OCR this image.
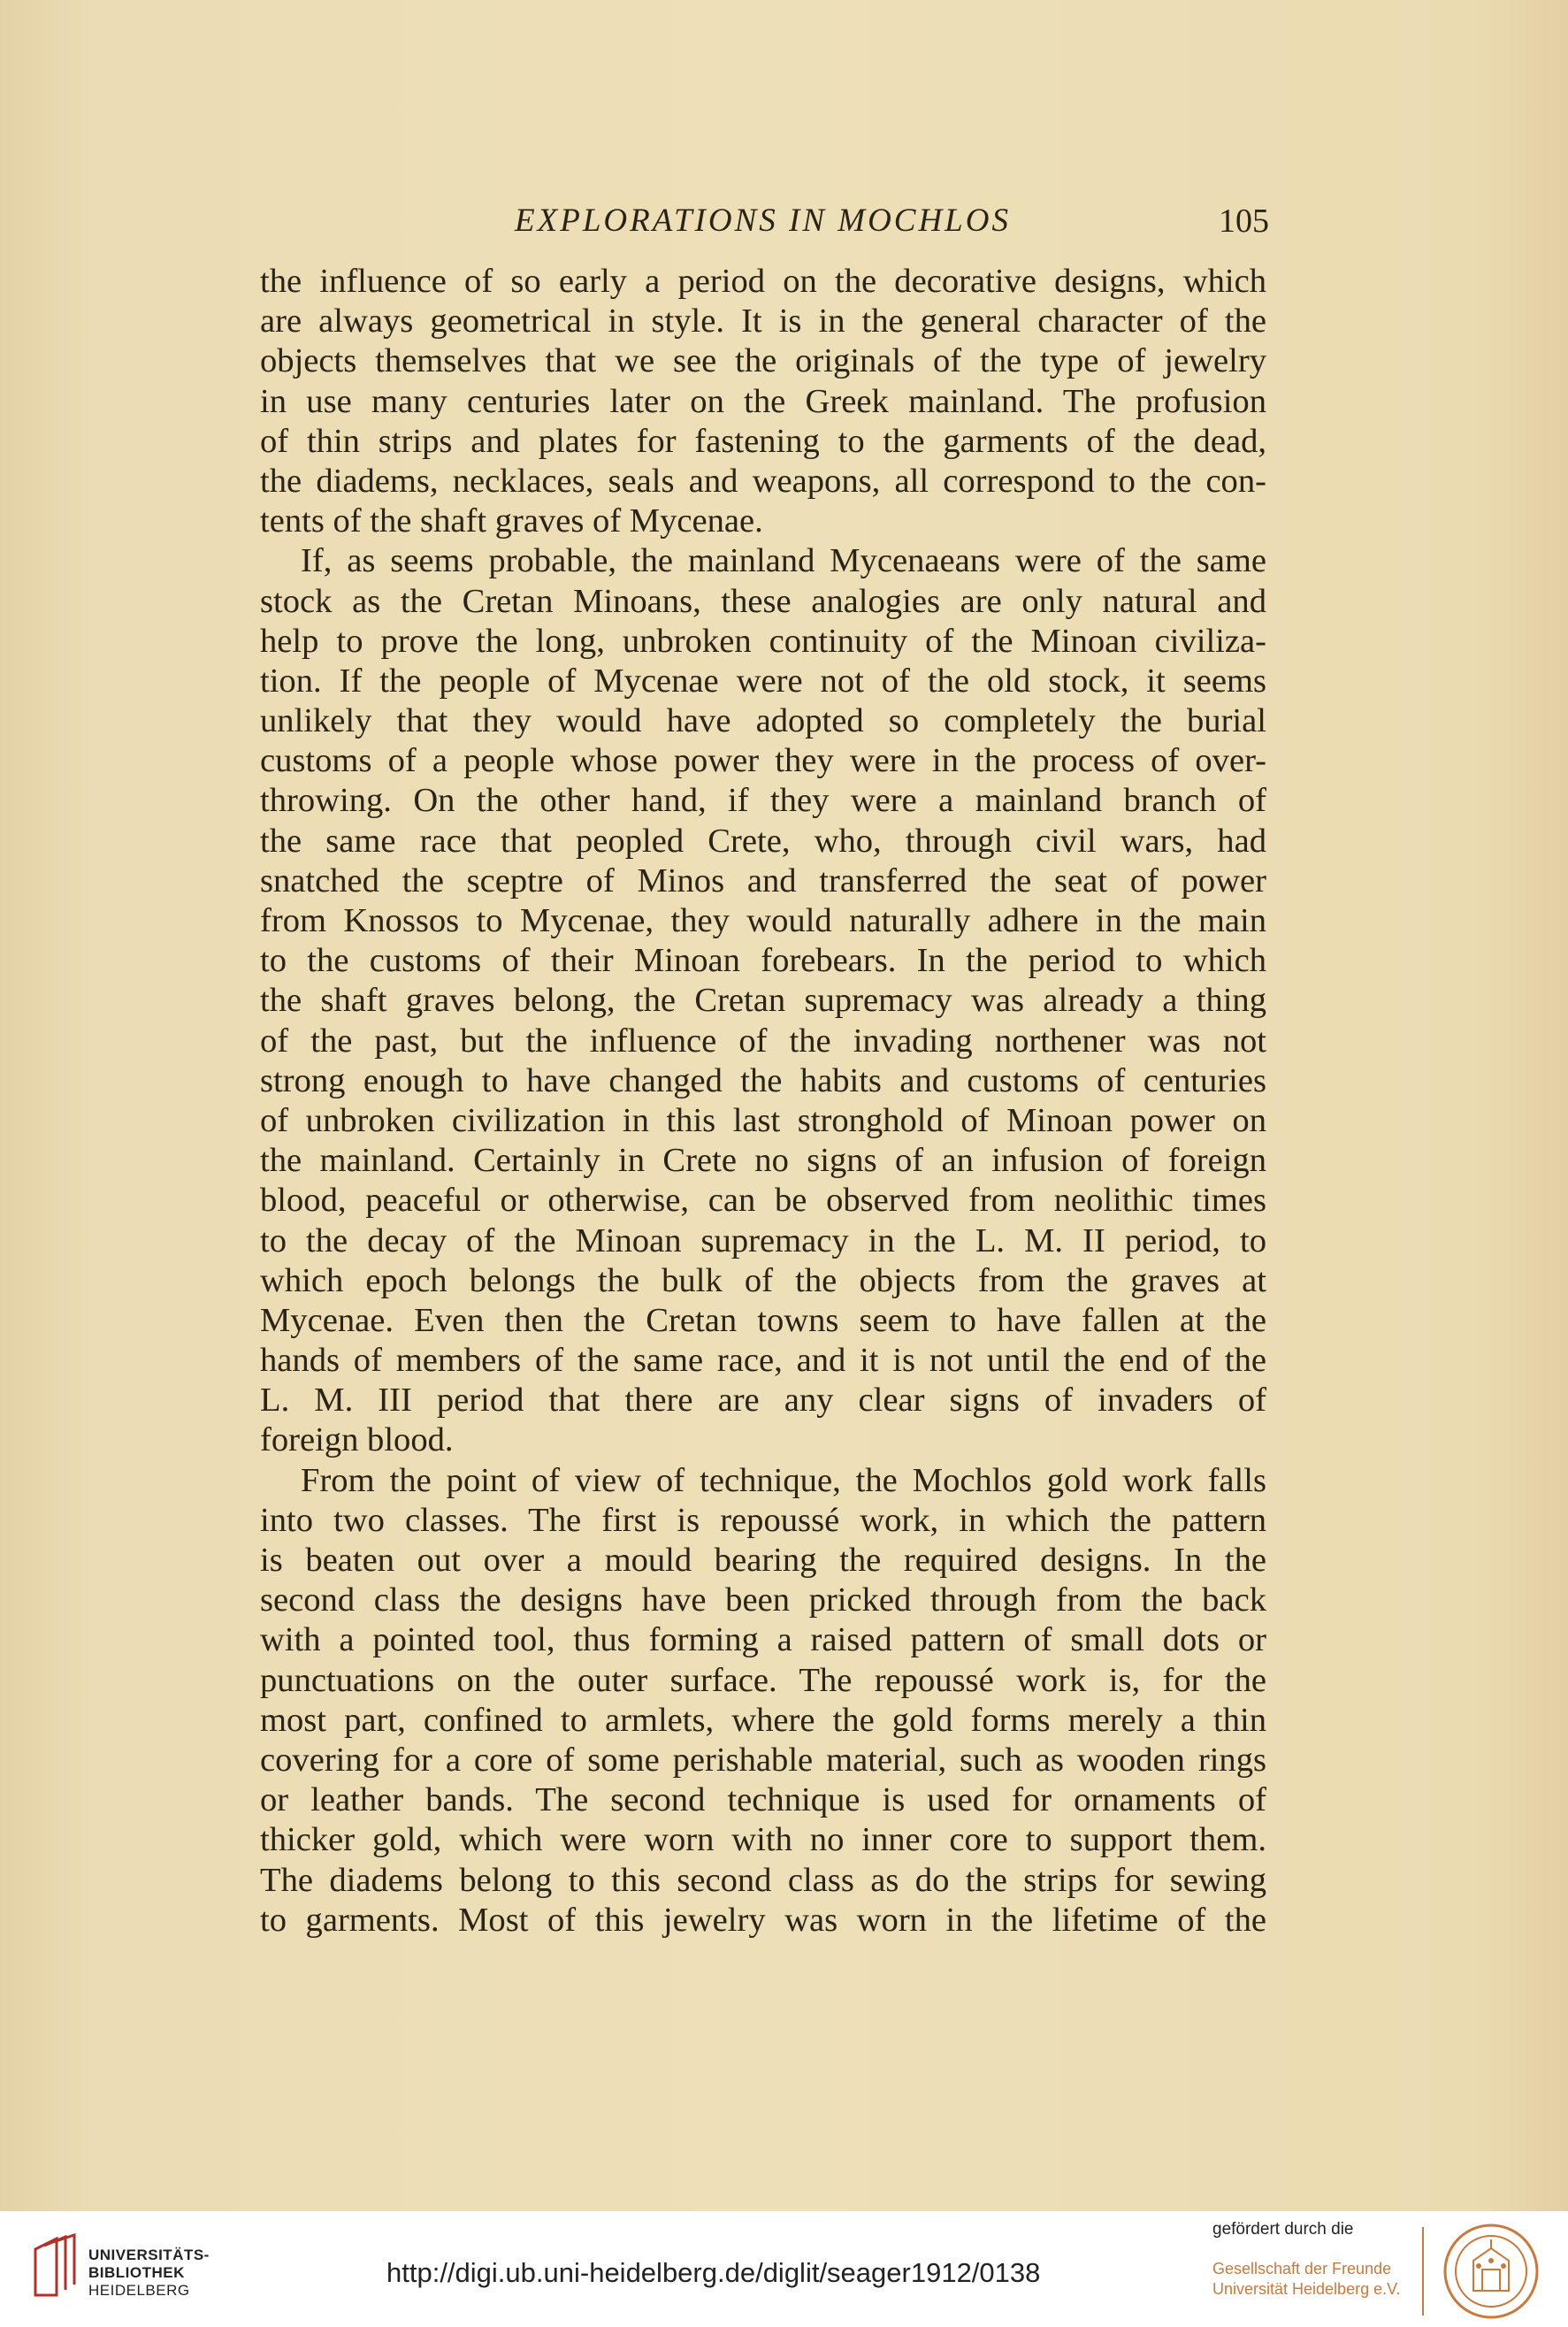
EXPLORATIONS IN MOCHLOS	105
the influence of so early a period on the decorative designs, which
are always geometrical in style. It is in the general character of the
objects themselves that we see the originals of the type of jewelry
in use many centuries later on the Greek mainland. The profusion
of thin strips and plates for fastening to the garments of the dead,
the diadems, necklaces, seals and weapons, all correspond to the con-
tents of the shaft graves of Mycenae.
If, as seems probable, the mainland Mycenaeans were of the same
stock as the Cretan Minoans, these analogies are only natural and
help to prove the long, unbroken continuity of the Minoan civiliza-
tion. If the people of Mycenae were not of the old stock, it seems
unlikely that they would have adopted so completely the burial
customs of a people whose power they were in the process of over-
throwing. On the other hand, if they were a mainland branch of
the same race that peopled Crete, who, through civil wars, had
snatched the sceptre of Minos and transferred the seat of power
from Knossos to Mycenae, they would naturally adhere in the main
to the customs of their Minoan forebears. In the period to which
the shaft graves belong, the Cretan supremacy was already a thing
of the past, but the influence of the invading northener was not
strong enough to have changed the habits and customs of centuries
of unbroken civilization in this last stronghold of Minoan power on
the mainland. Certainly in Crete no signs of an infusion of foreign
blood, peaceful or otherwise, can be observed from neolithic times
to the decay of the Minoan supremacy in the L. M. II period, to
which epoch belongs the bulk of the objects from the graves at
Mycenae. Even then the Cretan towns seem to have fallen at the
hands of members of the same race, and it is not until the end of the
L. M. III period that there are any clear signs of invaders of
foreign blood.
From the point of view of technique, the Mochlos gold work falls
into two classes. The first is repoussé work, in which the pattern
is beaten out over a mould bearing the required designs. In the
second class the designs have been pricked through from the back
with a pointed tool, thus forming a raised pattern of small dots or
punctuations on the outer surface. The repoussé work is, for the
most part, confined to armlets, where the gold forms merely a thin
covering for a core of some perishable material, such as wooden rings
or leather bands. The second technique is used for ornaments of
thicker gold, which were worn with no inner core to support them.
The diadems belong to this second class as do the strips for sewing
to garments. Most of this jewelry was worn in the lifetime of the
UNIVERSITÄTS-
BIBLIOTHEK
HEIDELBERG
http://digi.ub.uni-heidelberg.de/diglit/seager1912/0138
gefördert durch die
Gesellschaft der Freunde
Universität Heidelberg e.V.
